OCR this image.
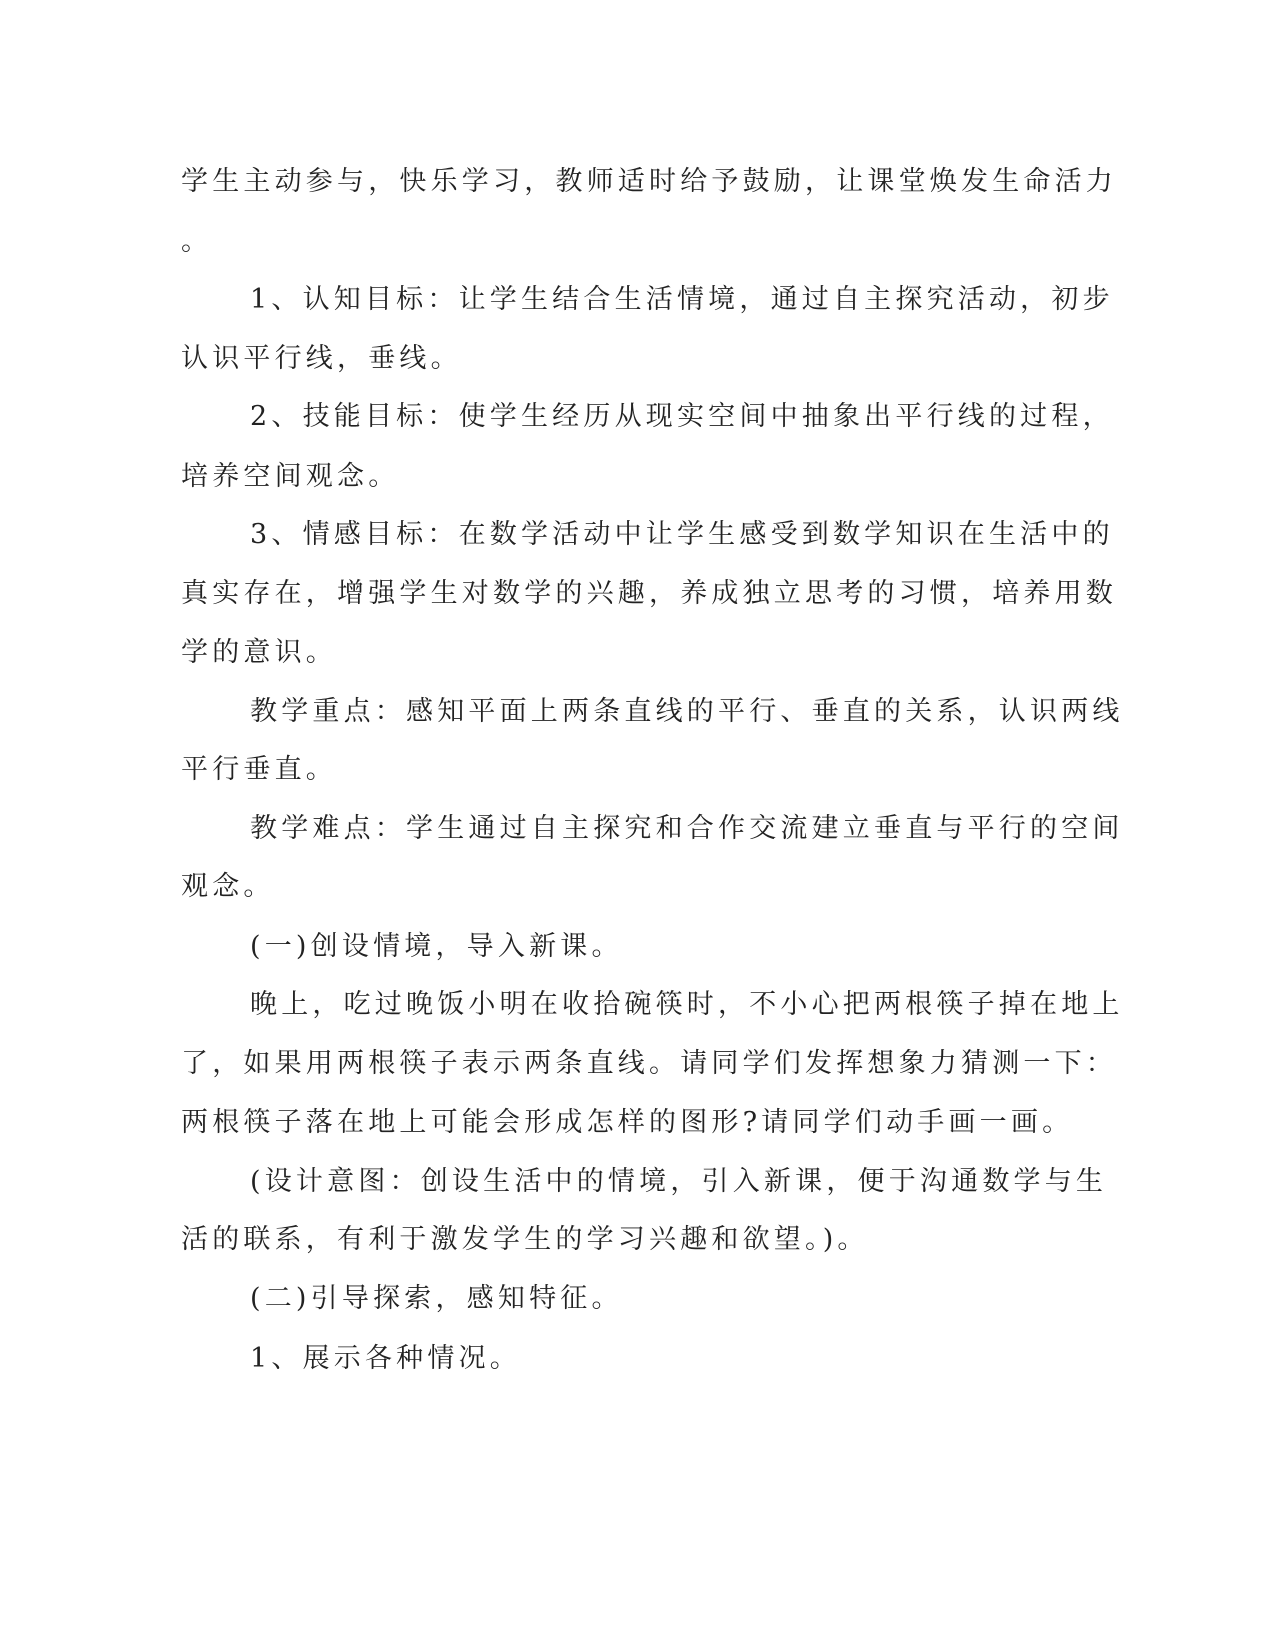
学生主动参与，快乐学习，教师适时给予鼓励，让课堂焕发生命活力
。
1、认知目标：让学生结合生活情境，通过自主探究活动，初步
认识平行线，垂线。
2、技能目标：使学生经历从现实空间中抽象出平行线的过程，
培养空间观念。
3、情感目标：在数学活动中让学生感受到数学知识在生活中的
真实存在，增强学生对数学的兴趣，养成独立思考的习惯，培养用数
学的意识。
教学重点：感知平面上两条直线的平行、垂直的关系，认识两线
平行垂直。
教学难点：学生通过自主探究和合作交流建立垂直与平行的空间
观念。
(一)创设情境，导入新课。
晚上，吃过晚饭小明在收拾碗筷时，不小心把两根筷子掉在地上
了，如果用两根筷子表示两条直线。请同学们发挥想象力猜测一下：
两根筷子落在地上可能会形成怎样的图形?请同学们动手画一画。
(设计意图：创设生活中的情境，引入新课，便于沟通数学与生
活的联系，有利于激发学生的学习兴趣和欲望。)。
(二)引导探索，感知特征。
1、展示各种情况。
